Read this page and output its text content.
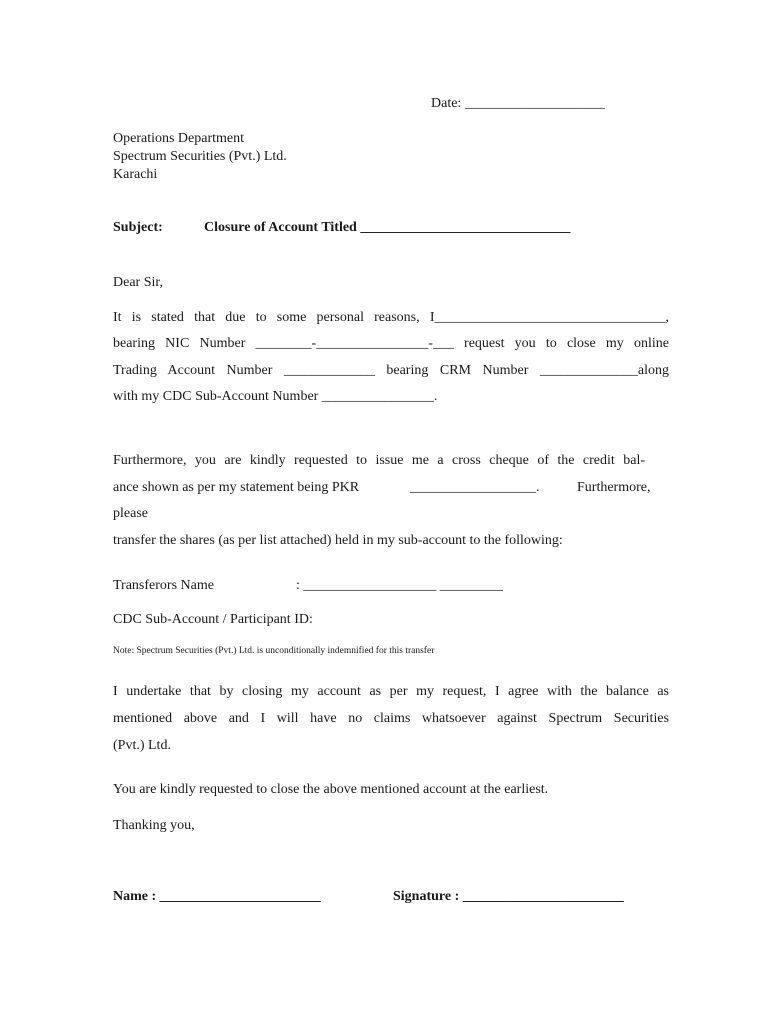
Date: ____________________
Operations Department
Spectrum Securities (Pvt.) Ltd.
Karachi
Subject:	Closure of Account Titled ______________________________
Dear Sir,
It is stated that due to some personal reasons, I_________________________________,
bearing NIC Number ________-________________-___ request you to close my online
Trading Account Number _____________ bearing CRM Number ______________along
with my CDC Sub-Account Number ________________.
Furthermore, you are kindly requested to issue me a cross cheque of the credit bal-
ance shown as per my statement being PKR	__________________.	Furthermore,
please
transfer the shares (as per list attached) held in my sub-account to the following:
Transferors Name	: ___________________ _________
CDC Sub-Account / Participant ID:
Note: Spectrum Securities (Pvt.) Ltd. is unconditionally indemnified for this transfer
I undertake that by closing my account as per my request, I agree with the balance as
mentioned above and I will have no claims whatsoever against Spectrum Securities
(Pvt.) Ltd.
You are kindly requested to close the above mentioned account at the earliest.
Thanking you,
Name : _______________________	Signature : _______________________
